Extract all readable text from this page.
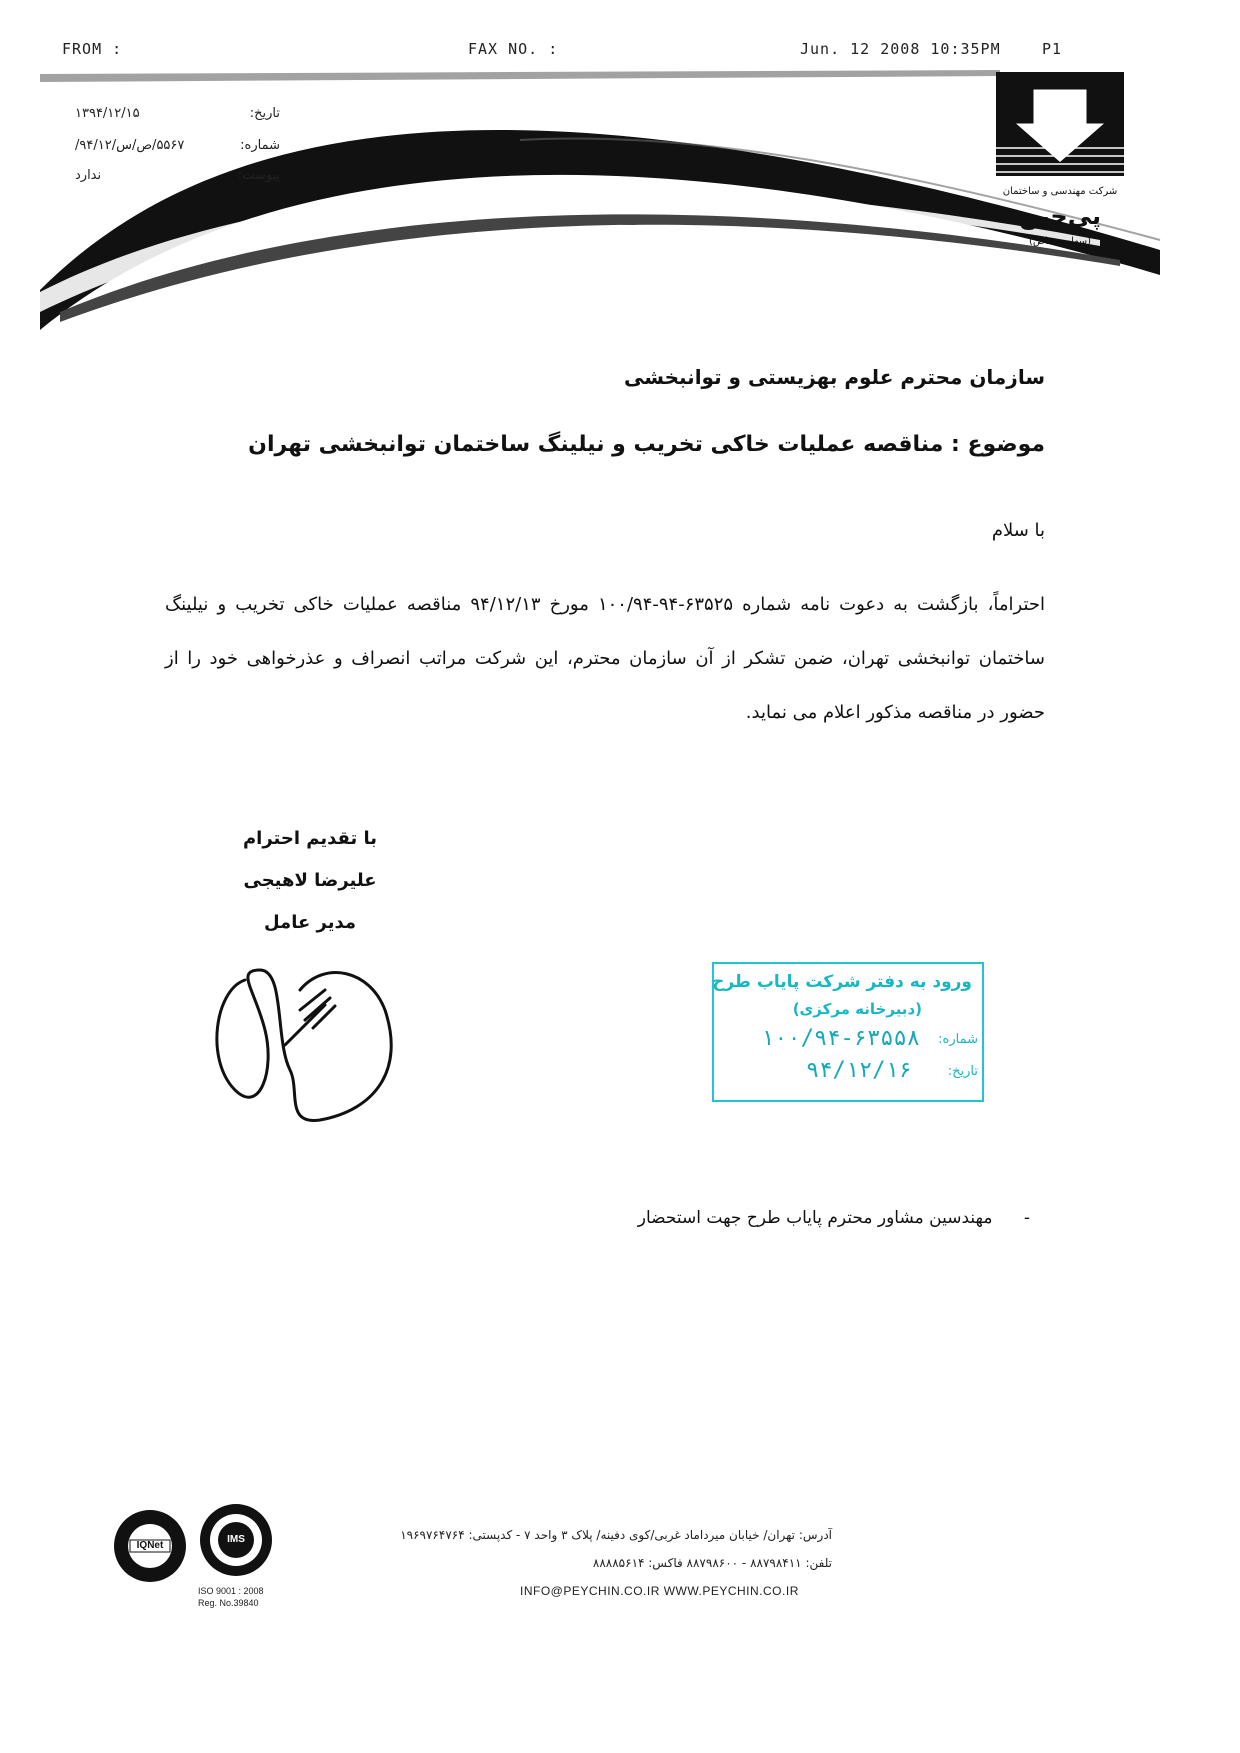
FROM :	FAX NO. :	Jun. 12 2008 10:35PM	P1
تاریخ:
۱۳۹۴/۱۲/۱۵
شماره:
۵۵۶۷/ص/س/۹۴/۱۲/
پیوست:
ندارد
شرکت مهندسی و ساختمان
پی‌چین
(سهامی خاص)
سازمان محترم علوم بهزیستی و توانبخشی
موضوع : مناقصه عملیات خاکی تخریب و نیلینگ ساختمان توانبخشی تهران
با سلام
احتراماً، بازگشت به دعوت نامه شماره ۶۳۵۲۵-۹۴-۱۰۰/۹۴ مورخ ۹۴/۱۲/۱۳ مناقصه عملیات خاکی تخریب و نیلینگ ساختمان توانبخشی تهران، ضمن تشکر از آن سازمان محترم، این شرکت مراتب انصراف و عذرخواهی خود را از حضور در مناقصه مذکور اعلام می نماید.
با تقدیم احترام
علیرضا لاهیجی
مدیر عامل
ورود به دفتر شرکت پایاب طرح
(دبیرخانه مرکزی)
شماره:
۱۰۰/۹۴-۶۳۵۵۸
تاریخ:
۹۴/۱۲/۱۶
- مهندسین مشاور محترم پایاب طرح جهت استحضار
IQNet
IMS
ISO 9001 : 2008
Reg. No.39840
آدرس: تهران/ خیابان میرداماد غربی/کوی دفینه/ پلاک ۳ واحد ۷ - کدپستی: ۱۹۶۹۷۶۴۷۶۴
تلفن: ۸۸۷۹۸۴۱۱ - ۸۸۷۹۸۶۰۰ فاکس: ۸۸۸۸۵۶۱۴
INFO@PEYCHIN.CO.IR WWW.PEYCHIN.CO.IR
